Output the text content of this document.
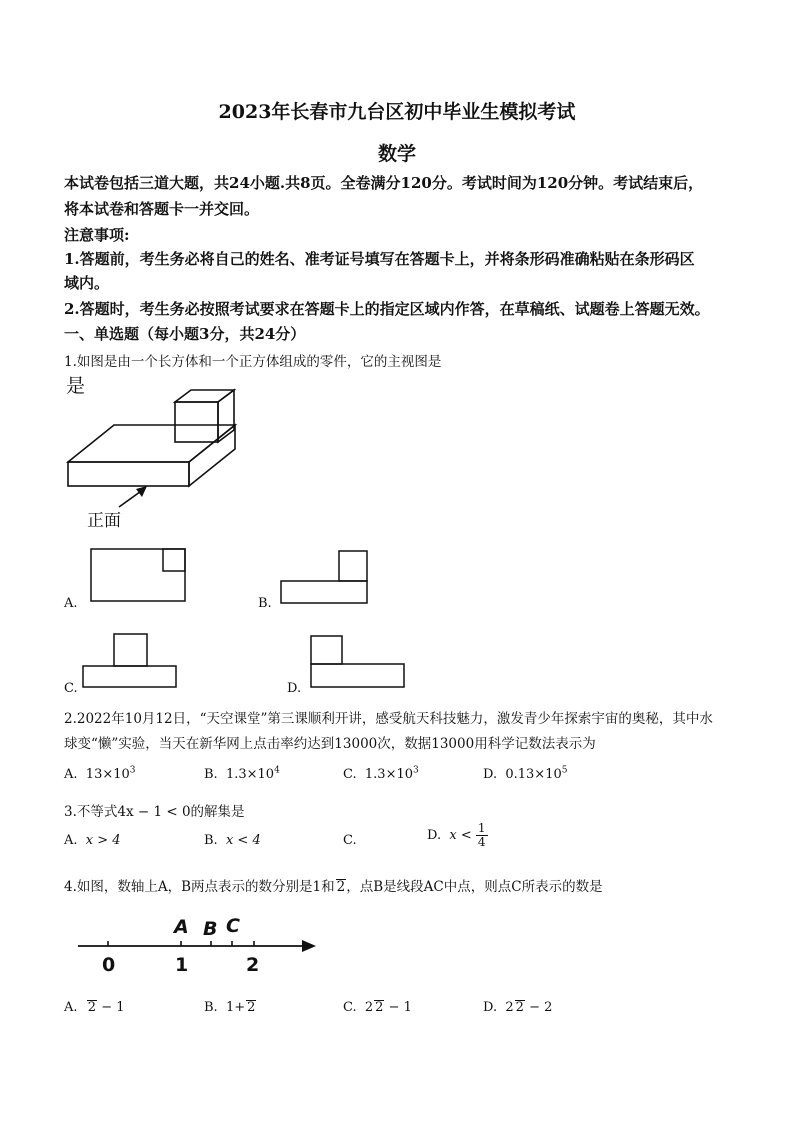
2023年长春市九台区初中毕业生模拟考试
数学
本试卷包括三道大题，共24小题.共8页。全卷满分120分。考试时间为120分钟。考试结束后，
将本试卷和答题卡一并交回。
注意事项:
1.答题前，考生务必将自己的姓名、准考证号填写在答题卡上，并将条形码准确粘贴在条形码区
域内。
2.答题时，考生务必按照考试要求在答题卡上的指定区域内作答，在草稿纸、试题卷上答题无效。
一、单选题（每小题3分，共24分）
1.如图是由一个长方体和一个正方体组成的零件，它的主视图是
是
正面
A.	B.
C.	D.
2.2022年10月12日，“天空课堂”第三课顺利开讲，感受航天科技魅力，激发青少年探索宇宙的奥秘，其中水
球变“懒”实验，当天在新华网上点击率约达到13000次，数据13000用科学记数法表示为
A. $13\times 10^3$	B. $1.3\times 10^4$	C. $1.3\times 10^3$	D. $0.13\times 10^5$
3.不等式4x − 1 < 0的解集是
A. x > 4	B. x < 4	C.	D. $x < \frac{1}{4}$
4.如图，数轴上A，B两点表示的数分别是1和 2，点B是线段AC中点，则点C所表示的数是
A B C
0	1	2
A. 2 − 1	B. 1+ 2	C. 2 2 − 1	D. 2 2 − 2
